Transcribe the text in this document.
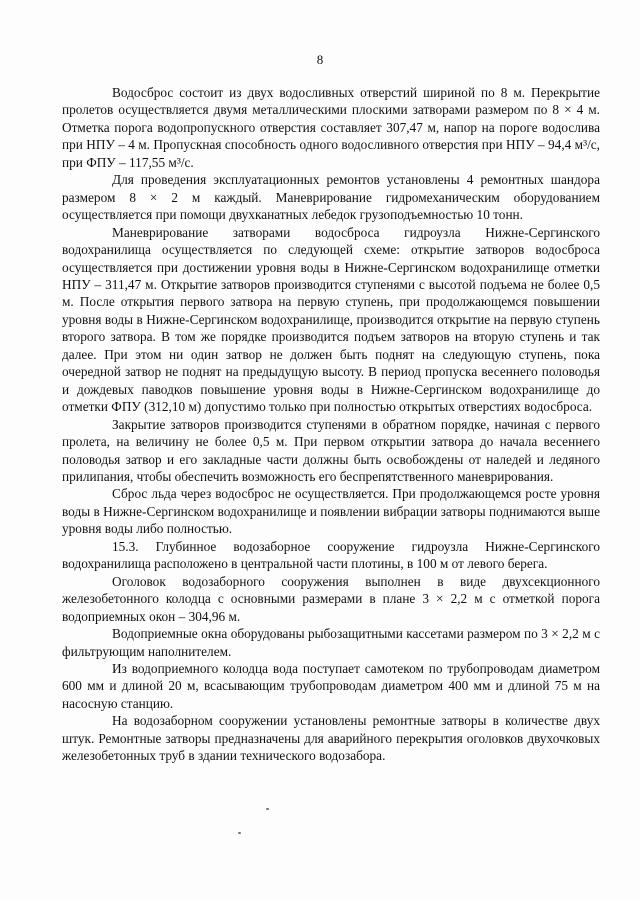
8

Водосброс состоит из двух водосливных отверстий шириной по 8 м. Перекрытие пролетов осуществляется двумя металлическими плоскими затворами размером по 8 × 4 м. Отметка порога водопропускного отверстия составляет 307,47 м, напор на пороге водослива при НПУ – 4 м. Пропускная способность одного водосливного отверстия при НПУ – 94,4 м³/с, при ФПУ – 117,55 м³/с.

Для проведения эксплуатационных ремонтов установлены 4 ремонтных шандора размером 8 × 2 м каждый. Маневрирование гидромеханическим оборудованием осуществляется при помощи двухканатных лебедок грузоподъемностью 10 тонн.

Маневрирование затворами водосброса гидроузла Нижне-Сергинского водохранилища осуществляется по следующей схеме: открытие затворов водосброса осуществляется при достижении уровня воды в Нижне-Сергинском водохранилище отметки НПУ – 311,47 м. Открытие затворов производится ступенями с высотой подъема не более 0,5 м. После открытия первого затвора на первую ступень, при продолжающемся повышении уровня воды в Нижне-Сергинском водохранилище, производится открытие на первую ступень второго затвора. В том же порядке производится подъем затворов на вторую ступень и так далее. При этом ни один затвор не должен быть поднят на следующую ступень, пока очередной затвор не поднят на предыдущую высоту. В период пропуска весеннего половодья и дождевых паводков повышение уровня воды в Нижне-Сергинском водохранилище до отметки ФПУ (312,10 м) допустимо только при полностью открытых отверстиях водосброса.

Закрытие затворов производится ступенями в обратном порядке, начиная с первого пролета, на величину не более 0,5 м. При первом открытии затвора до начала весеннего половодья затвор и его закладные части должны быть освобождены от наледей и ледяного прилипания, чтобы обеспечить возможность его беспрепятственного маневрирования.

Сброс льда через водосброс не осуществляется. При продолжающемся росте уровня воды в Нижне-Сергинском водохранилище и появлении вибрации затворы поднимаются выше уровня воды либо полностью.

15.3. Глубинное водозаборное сооружение гидроузла Нижне-Сергинского водохранилища расположено в центральной части плотины, в 100 м от левого берега.

Оголовок водозаборного сооружения выполнен в виде двухсекционного железобетонного колодца с основными размерами в плане 3 × 2,2 м с отметкой порога водоприемных окон – 304,96 м.

Водоприемные окна оборудованы рыбозащитными кассетами размером по 3 × 2,2 м с фильтрующим наполнителем.

Из водоприемного колодца вода поступает самотеком по трубопроводам диаметром 600 мм и длиной 20 м, всасывающим трубопроводам диаметром 400 мм и длиной 75 м на насосную станцию.

На водозаборном сооружении установлены ремонтные затворы в количестве двух штук. Ремонтные затворы предназначены для аварийного перекрытия оголовков двухочковых железобетонных труб в здании технического водозабора.
